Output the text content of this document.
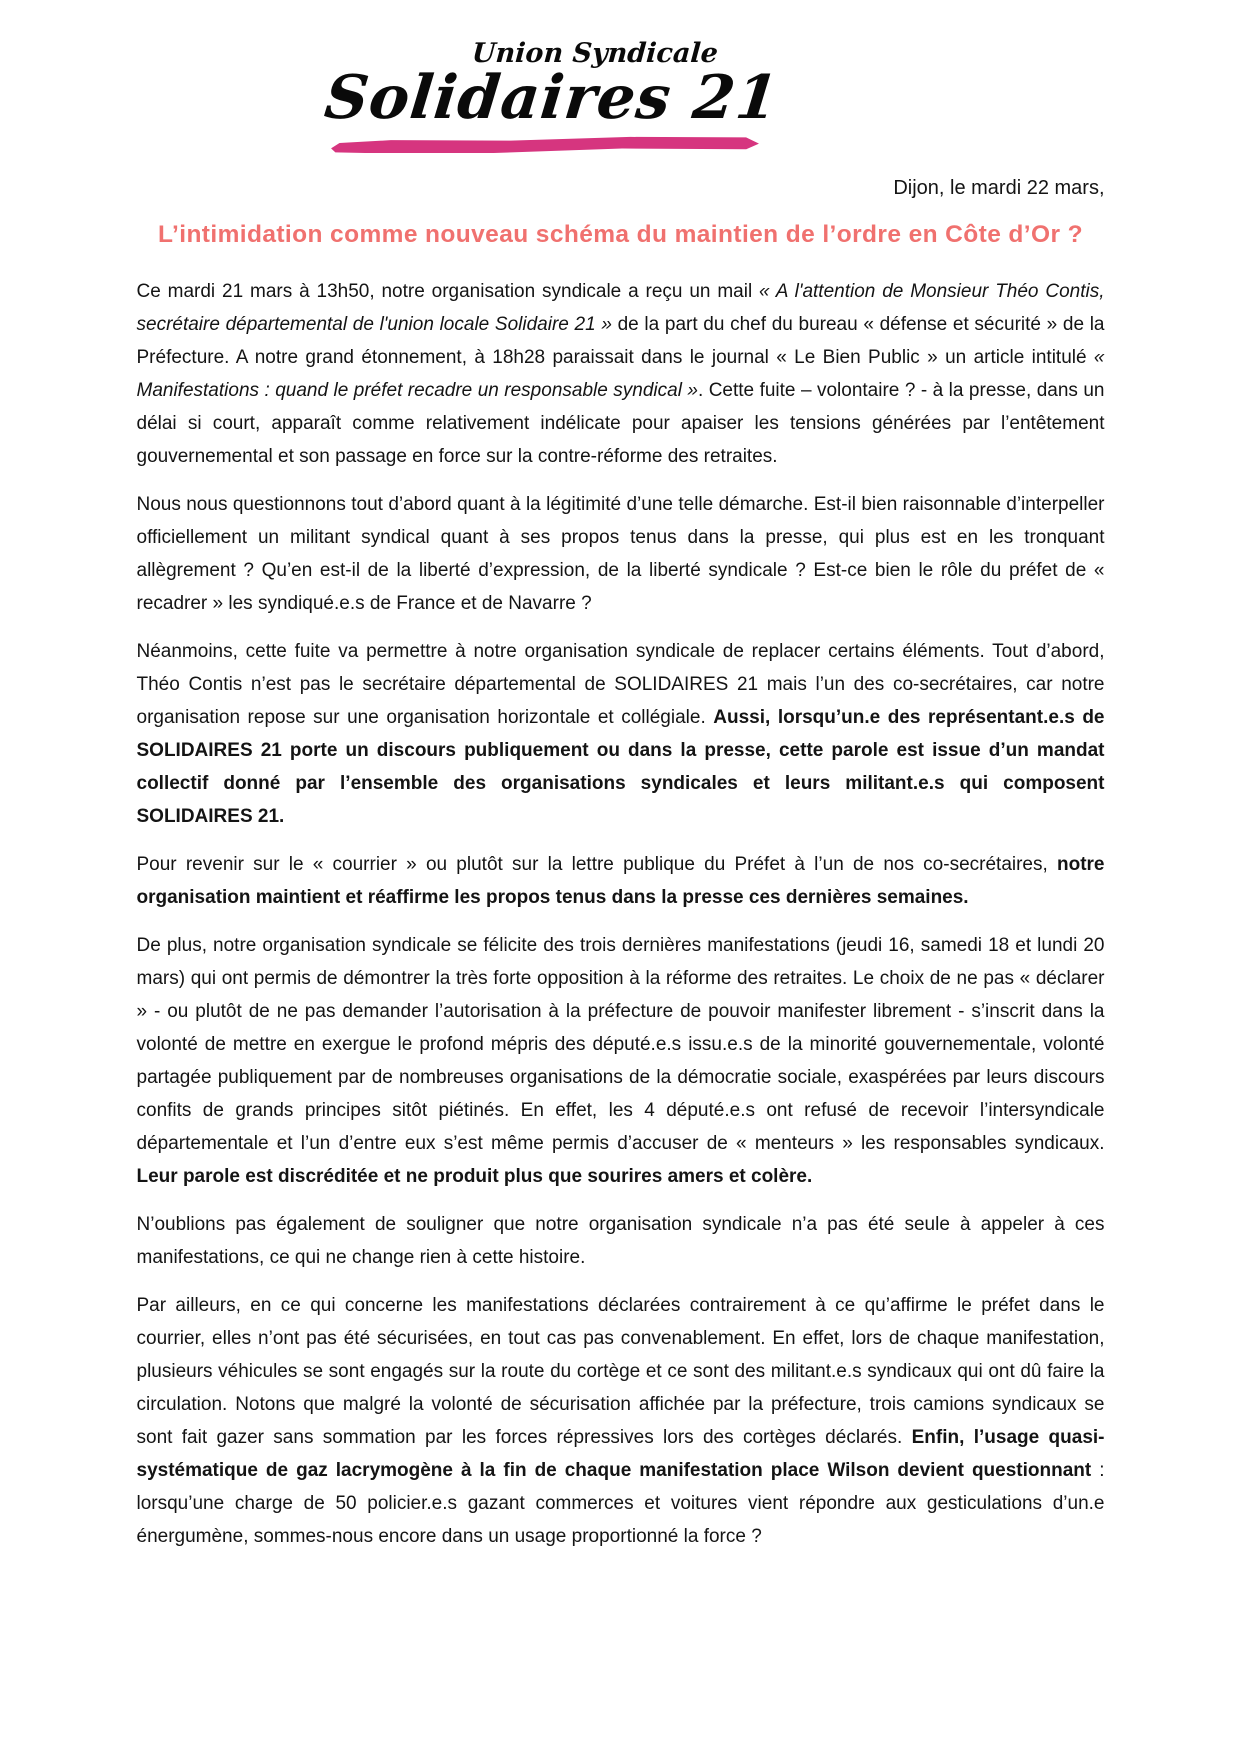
Union Syndicale
Solidaires 21
Dijon, le mardi 22 mars,
L’intimidation comme nouveau schéma du maintien de l’ordre en Côte d’Or ?

Ce mardi 21 mars à 13h50, notre organisation syndicale a reçu un mail « A l'attention de Monsieur Théo Contis, secrétaire départemental de l'union locale Solidaire 21 » de la part du chef du bureau « défense et sécurité » de la Préfecture. A notre grand étonnement, à 18h28 paraissait dans le journal « Le Bien Public » un article intitulé « Manifestations : quand le préfet recadre un responsable syndical ». Cette fuite – volontaire ? - à la presse, dans un délai si court, apparaît comme relativement indélicate pour apaiser les tensions générées par l’entêtement gouvernemental et son passage en force sur la contre-réforme des retraites.

Nous nous questionnons tout d’abord quant à la légitimité d’une telle démarche. Est-il bien raisonnable d’interpeller officiellement un militant syndical quant à ses propos tenus dans la presse, qui plus est en les tronquant allègrement ? Qu’en est-il de la liberté d’expression, de la liberté syndicale ? Est-ce bien le rôle du préfet de « recadrer » les syndiqué.e.s de France et de Navarre ?

Néanmoins, cette fuite va permettre à notre organisation syndicale de replacer certains éléments. Tout d’abord, Théo Contis n’est pas le secrétaire départemental de SOLIDAIRES 21 mais l’un des co-secrétaires, car notre organisation repose sur une organisation horizontale et collégiale. Aussi, lorsqu’un.e des représentant.e.s de SOLIDAIRES 21 porte un discours publiquement ou dans la presse, cette parole est issue d’un mandat collectif donné par l’ensemble des organisations syndicales et leurs militant.e.s qui composent SOLIDAIRES 21.

Pour revenir sur le « courrier » ou plutôt sur la lettre publique du Préfet à l’un de nos co-secrétaires, notre organisation maintient et réaffirme les propos tenus dans la presse ces dernières semaines.

De plus, notre organisation syndicale se félicite des trois dernières manifestations (jeudi 16, samedi 18 et lundi 20 mars) qui ont permis de démontrer la très forte opposition à la réforme des retraites. Le choix de ne pas « déclarer » - ou plutôt de ne pas demander l’autorisation à la préfecture de pouvoir manifester librement - s’inscrit dans la volonté de mettre en exergue le profond mépris des député.e.s issu.e.s de la minorité gouvernementale, volonté partagée publiquement par de nombreuses organisations de la démocratie sociale, exaspérées par leurs discours confits de grands principes sitôt piétinés. En effet, les 4 député.e.s ont refusé de recevoir l’intersyndicale départementale et l’un d’entre eux s’est même permis d’accuser de « menteurs » les responsables syndicaux. Leur parole est discréditée et ne produit plus que sourires amers et colère.

N’oublions pas également de souligner que notre organisation syndicale n’a pas été seule à appeler à ces manifestations, ce qui ne change rien à cette histoire.

Par ailleurs, en ce qui concerne les manifestations déclarées contrairement à ce qu’affirme le préfet dans le courrier, elles n’ont pas été sécurisées, en tout cas pas convenablement. En effet, lors de chaque manifestation, plusieurs véhicules se sont engagés sur la route du cortège et ce sont des militant.e.s syndicaux qui ont dû faire la circulation. Notons que malgré la volonté de sécurisation affichée par la préfecture, trois camions syndicaux se sont fait gazer sans sommation par les forces répressives lors des cortèges déclarés. Enfin, l’usage quasi-systématique de gaz lacrymogène à la fin de chaque manifestation place Wilson devient questionnant : lorsqu’une charge de 50 policier.e.s gazant commerces et voitures vient répondre aux gesticulations d’un.e énergumène, sommes-nous encore dans un usage proportionné la force ?
